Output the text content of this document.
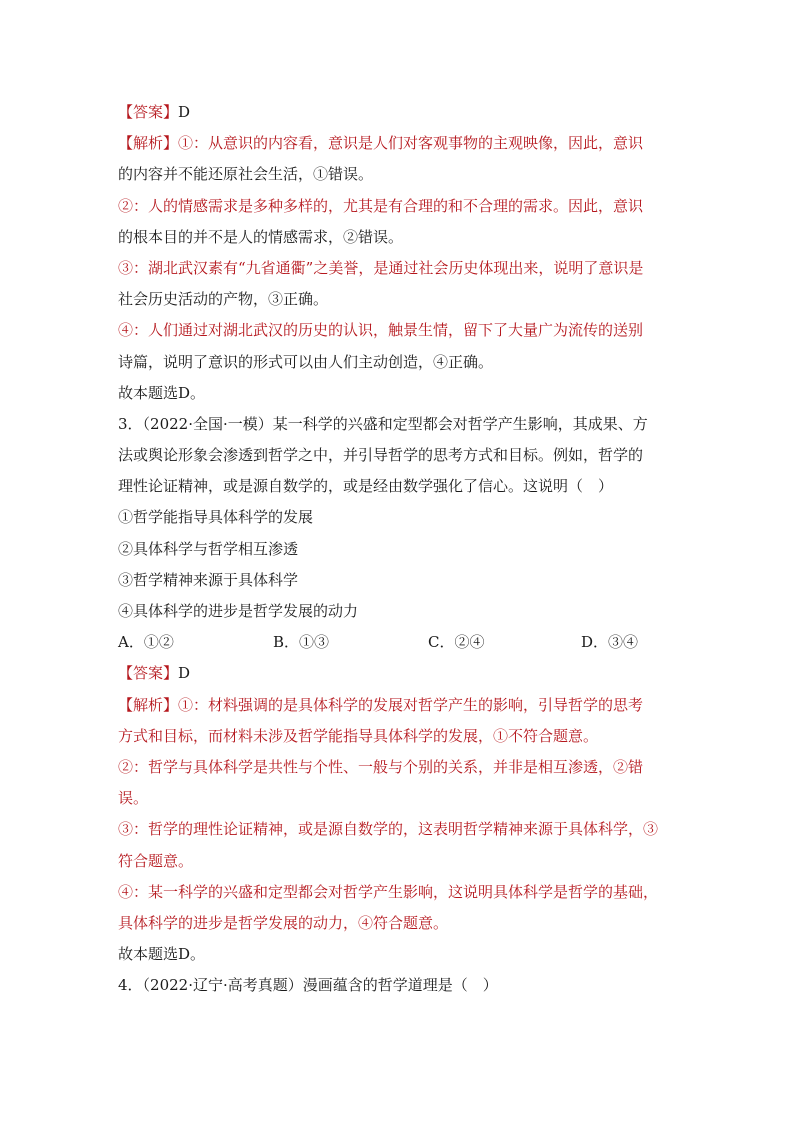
【答案】D
【解析】①：从意识的内容看，意识是人们对客观事物的主观映像，因此，意识
的内容并不能还原社会生活，①错误。
②：人的情感需求是多种多样的，尤其是有合理的和不合理的需求。因此，意识
的根本目的并不是人的情感需求，②错误。
③：湖北武汉素有“九省通衢”之美誉，是通过社会历史体现出来，说明了意识是
社会历史活动的产物，③正确。
④：人们通过对湖北武汉的历史的认识，触景生情，留下了大量广为流传的送别
诗篇，说明了意识的形式可以由人们主动创造，④正确。
故本题选D。
3．（2022·全国·一模）某一科学的兴盛和定型都会对哲学产生影响，其成果、方
法或舆论形象会渗透到哲学之中，并引导哲学的思考方式和目标。例如，哲学的
理性论证精神，或是源自数学的，或是经由数学强化了信心。这说明（　）
①哲学能指导具体科学的发展
②具体科学与哲学相互渗透
③哲学精神来源于具体科学
④具体科学的进步是哲学发展的动力
A．①②	B．①③	C．②④	D．③④
【答案】D
【解析】①：材料强调的是具体科学的发展对哲学产生的影响，引导哲学的思考
方式和目标，而材料未涉及哲学能指导具体科学的发展，①不符合题意。
②：哲学与具体科学是共性与个性、一般与个别的关系，并非是相互渗透，②错
误。
③：哲学的理性论证精神，或是源自数学的，这表明哲学精神来源于具体科学，③
符合题意。
④：某一科学的兴盛和定型都会对哲学产生影响，这说明具体科学是哲学的基础，
具体科学的进步是哲学发展的动力，④符合题意。
故本题选D。
4．（2022·辽宁·高考真题）漫画蕴含的哲学道理是（　）
